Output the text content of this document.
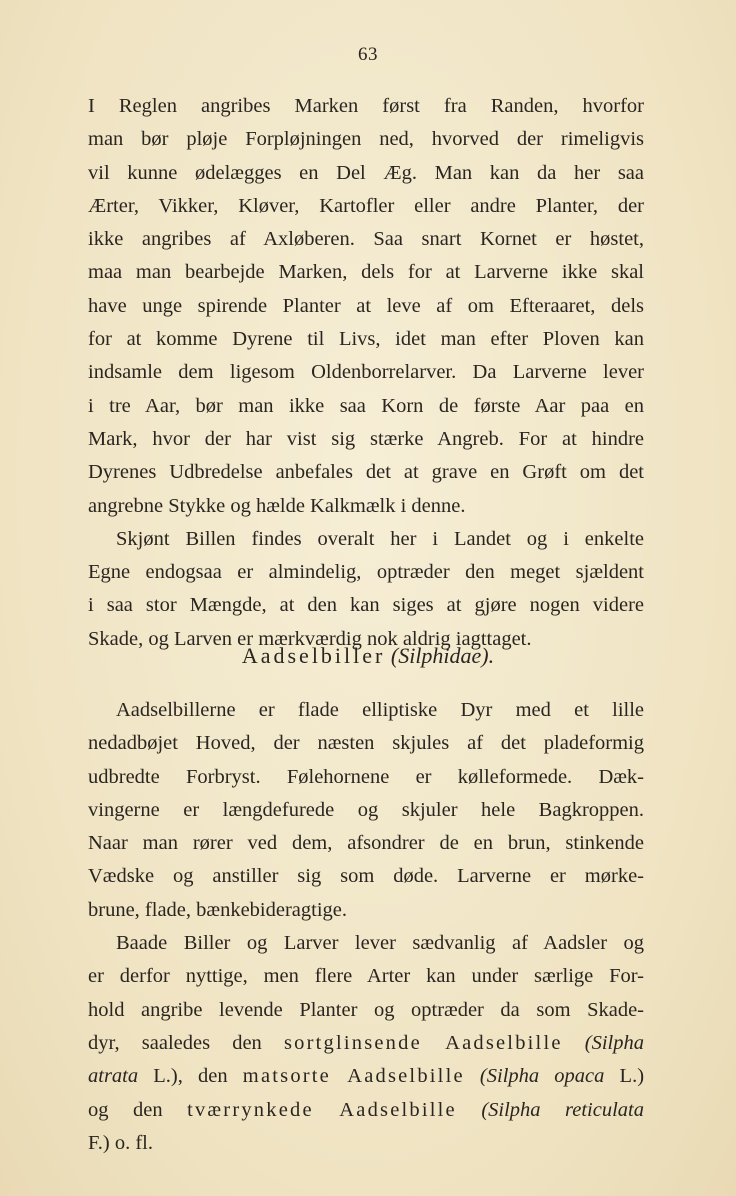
63
I Reglen angribes Marken først fra Randen, hvorfor
man bør pløje Forpløjningen ned, hvorved der rimeligvis
vil kunne ødelægges en Del Æg. Man kan da her saa
Ærter, Vikker, Kløver, Kartofler eller andre Planter, der
ikke angribes af Axløberen. Saa snart Kornet er høstet,
maa man bearbejde Marken, dels for at Larverne ikke skal
have unge spirende Planter at leve af om Efteraaret, dels
for at komme Dyrene til Livs, idet man efter Ploven kan
indsamle dem ligesom Oldenborrelarver. Da Larverne lever
i tre Aar, bør man ikke saa Korn de første Aar paa en
Mark, hvor der har vist sig stærke Angreb. For at hindre
Dyrenes Udbredelse anbefales det at grave en Grøft om det
angrebne Stykke og hælde Kalkmælk i denne.
Skjønt Billen findes overalt her i Landet og i enkelte
Egne endogsaa er almindelig, optræder den meget sjældent
i saa stor Mængde, at den kan siges at gjøre nogen videre
Skade, og Larven er mærkværdig nok aldrig iagttaget.
Aadselbiller (Silphidae).
Aadselbillerne er flade elliptiske Dyr med et lille
nedadbøjet Hoved, der næsten skjules af det pladeformig
udbredte Forbryst. Følehornene er kølleformede. Dæk-
vingerne er længdefurede og skjuler hele Bagkroppen.
Naar man rører ved dem, afsondrer de en brun, stinkende
Vædske og anstiller sig som døde. Larverne er mørke-
brune, flade, bænkebideragtige.
Baade Biller og Larver lever sædvanlig af Aadsler og
er derfor nyttige, men flere Arter kan under særlige For-
hold angribe levende Planter og optræder da som Skade-
dyr, saaledes den sortglinsende Aadselbille (Silpha
atrata L.), den matsorte Aadselbille (Silpha opaca L.)
og den tværrynkede Aadselbille (Silpha reticulata
F.) o. fl.
